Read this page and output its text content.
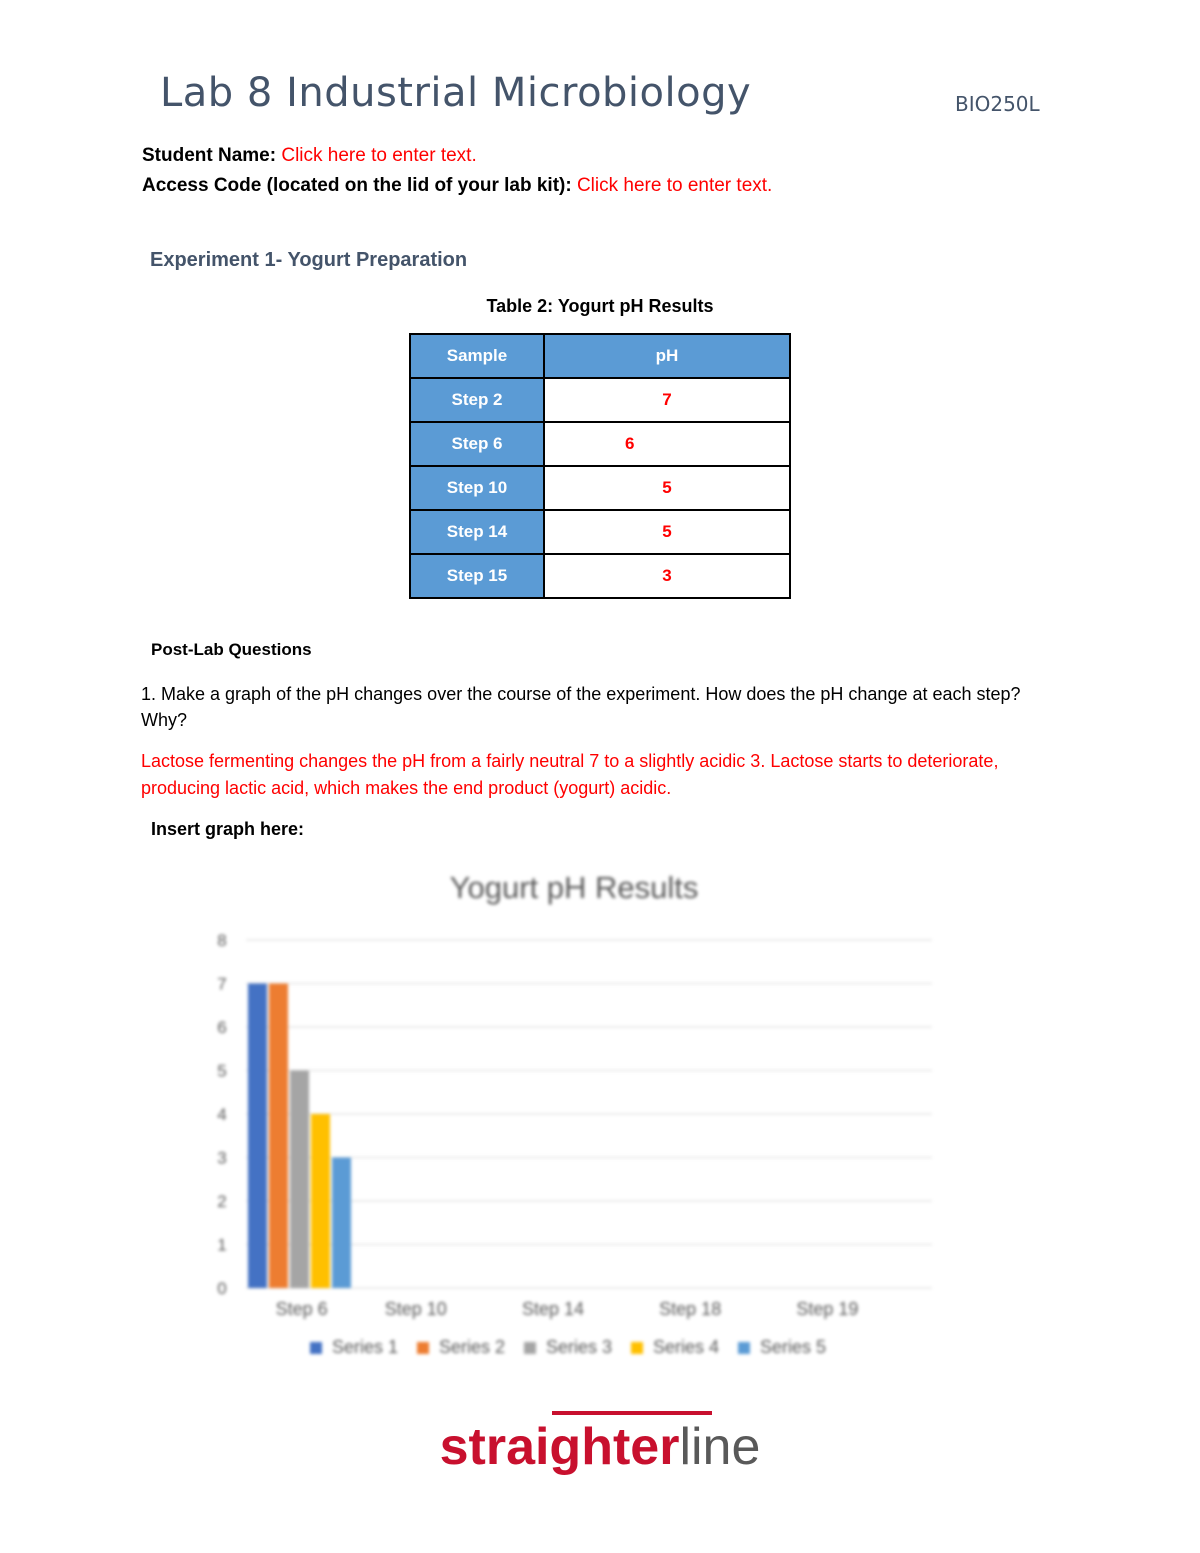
Lab 8 Industrial Microbiology	BIO250L
Student Name: Click here to enter text.
Access Code (located on the lid of your lab kit): Click here to enter text.
Experiment 1- Yogurt Preparation
Table 2: Yogurt pH Results
Sample	pH
Step 2	7
Step 6	6
Step 10	5
Step 14	5
Step 15	3
Post-Lab Questions
1. Make a graph of the pH changes over the course of the experiment. How does the pH change at each step? Why?
Lactose fermenting changes the pH from a fairly neutral 7 to a slightly acidic 3. Lactose starts to deteriorate, producing lactic acid, which makes the end product (yogurt) acidic.
Insert graph here:
Yogurt pH Results
0
1
2
3
4
5
6
7
8
Step 6	Step 10	Step 14	Step 18	Step 19
Series 1 Series 2 Series 3 Series 4 Series 5
straighterline
